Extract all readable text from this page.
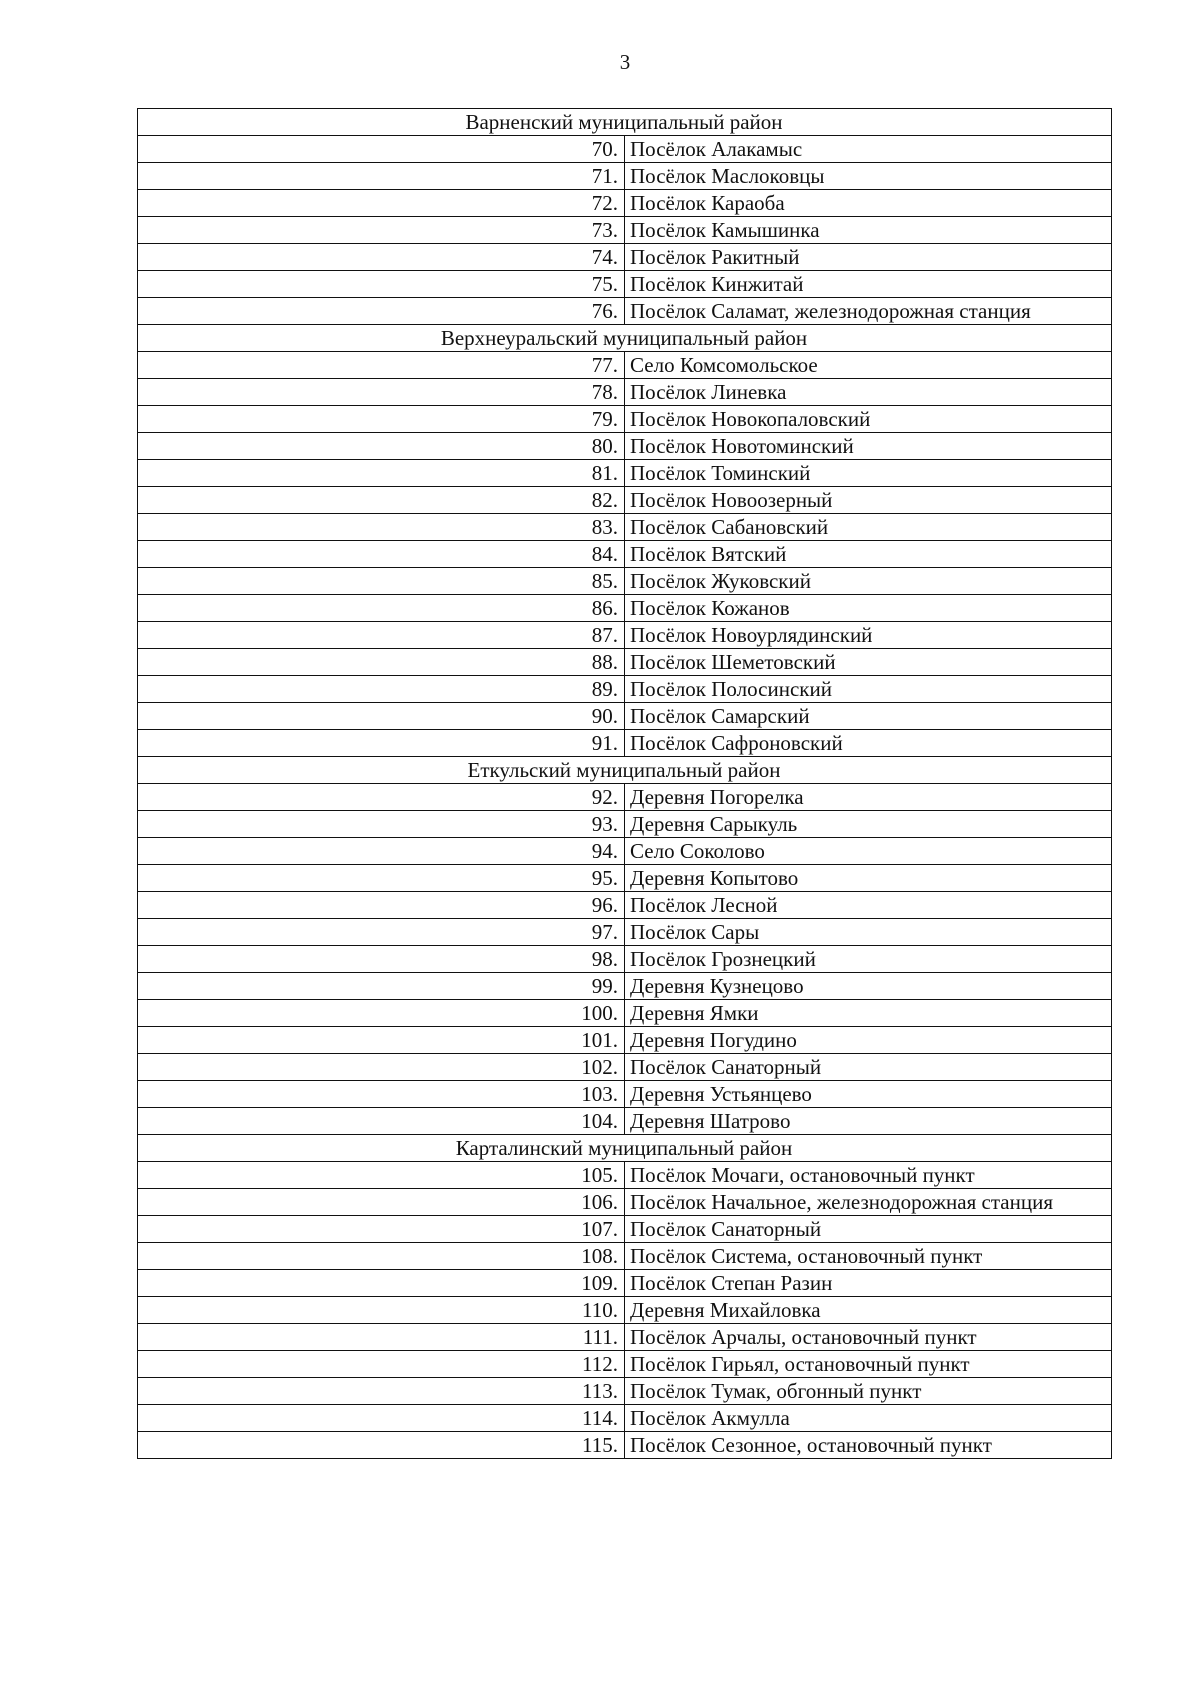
3
Варненский муниципальный район	
70.	Посёлок Алакамыс
71.	Посёлок Маслоковцы
72.	Посёлок Караоба
73.	Посёлок Камышинка
74.	Посёлок Ракитный
75.	Посёлок Кинжитай
76.	Посёлок Саламат, железнодорожная станция
Верхнеуральский муниципальный район	
77.	Село Комсомольское
78.	Посёлок Линевка
79.	Посёлок Новокопаловский
80.	Посёлок Новотоминский
81.	Посёлок Томинский
82.	Посёлок Новоозерный
83.	Посёлок Сабановский
84.	Посёлок Вятский
85.	Посёлок Жуковский
86.	Посёлок Кожанов
87.	Посёлок Новоурлядинский
88.	Посёлок Шеметовский
89.	Посёлок Полосинский
90.	Посёлок Самарский
91.	Посёлок Сафроновский
Еткульский муниципальный район	
92.	Деревня Погорелка
93.	Деревня Сарыкуль
94.	Село Соколово
95.	Деревня Копытово
96.	Посёлок Лесной
97.	Посёлок Сары
98.	Посёлок Грознецкий
99.	Деревня Кузнецово
100.	Деревня Ямки
101.	Деревня Погудино
102.	Посёлок Санаторный
103.	Деревня Устьянцево
104.	Деревня Шатрово
Карталинский муниципальный район	
105.	Посёлок Мочаги, остановочный пункт
106.	Посёлок Начальное, железнодорожная станция
107.	Посёлок Санаторный
108.	Посёлок Система, остановочный пункт
109.	Посёлок Степан Разин
110.	Деревня Михайловка
111.	Посёлок Арчалы, остановочный пункт
112.	Посёлок Гирьял, остановочный пункт
113.	Посёлок Тумак, обгонный пункт
114.	Посёлок Акмулла
115.	Посёлок Сезонное, остановочный пункт
